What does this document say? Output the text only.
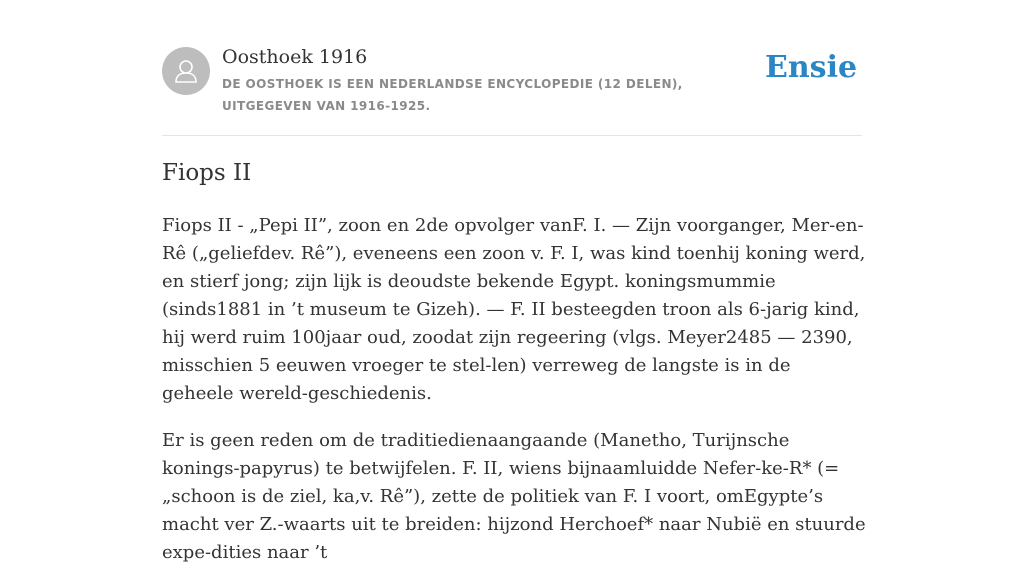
Oosthoek 1916
DE OOSTHOEK IS EEN NEDERLANDSE ENCYCLOPEDIE (12 DELEN), UITGEGEVEN VAN 1916-1925.
Ensie
Fiops II

Fiops II - „Pepi II”, zoon en 2de opvolger vanF. I. — Zijn voorganger, Mer-en-Rê („geliefdev. Rê”), eveneens een zoon v. F. I, was kind toenhij koning werd, en stierf jong; zijn lijk is deoudste bekende Egypt. koningsmummie (sinds1881 in ’t museum te Gizeh). — F. II besteegden troon als 6-jarig kind, hij werd ruim 100jaar oud, zoodat zijn regeering (vlgs. Meyer2485 — 2390, misschien 5 eeuwen vroeger te stel-len) verreweg de langste is in de geheele wereld-geschiedenis.

Er is geen reden om de traditiedienaangaande (Manetho, Turijnsche konings-papyrus) te betwijfelen. F. II, wiens bijnaamluidde Nefer-ke-R* (= „schoon is de ziel, ka,v. Rê”), zette de politiek van F. I voort, omEgypte’s macht ver Z.-waarts uit te breiden: hijzond Herchoef* naar Nubië en stuurde expe-dities naar ’t
